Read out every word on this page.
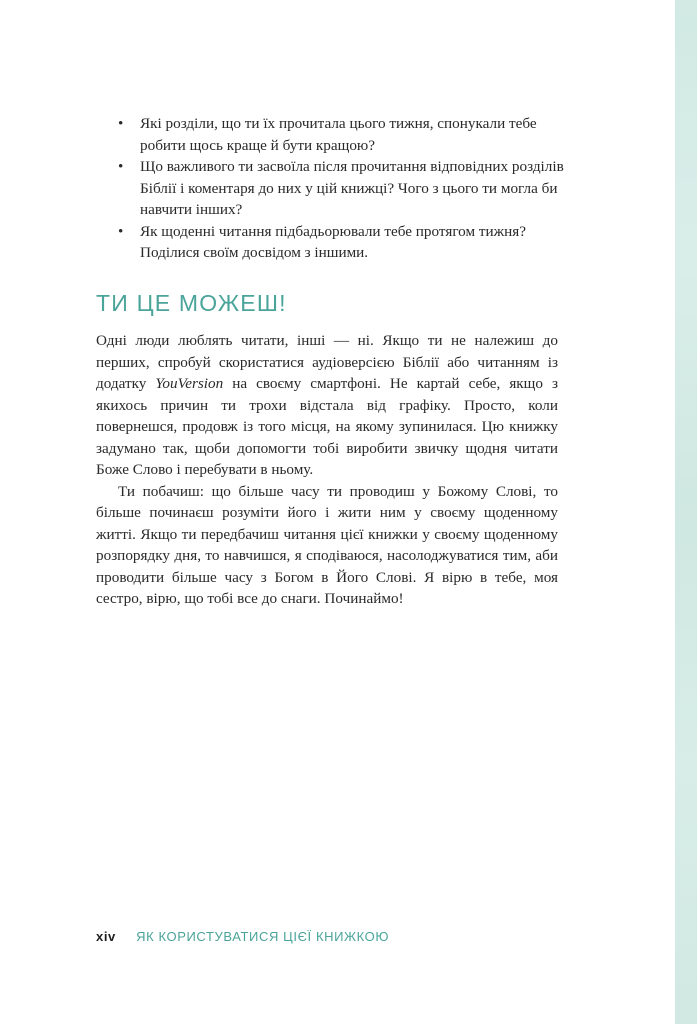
• Які розділи, що ти їх прочитала цього тижня, спонукали тебе робити щось краще й бути кращою?
• Що важливого ти засвоїла після прочитання відповідних розділів Біблії і коментаря до них у цій книжці? Чого з цього ти могла би навчити інших?
• Як щоденні читання підбадьорювали тебе протягом тижня? Поділися своїм досвідом з іншими.
ТИ ЦЕ МОЖЕШ!

Одні люди люблять читати, інші — ні. Якщо ти не належиш до перших, спробуй скористатися аудіоверсією Біблії або читанням із додатку YouVersion на своєму смартфоні. Не картай себе, якщо з якихось причин ти трохи відстала від графіку. Просто, коли повернешся, продовж із того місця, на якому зупинилася. Цю книжку задумано так, щоби допомогти тобі виробити звичку щодня читати Боже Слово і перебувати в ньому.

Ти побачиш: що більше часу ти проводиш у Божому Слові, то більше починаєш розуміти його і жити ним у своєму щоденному житті. Якщо ти передбачиш читання цієї книжки у своєму щоденному розпорядку дня, то навчишся, я сподіваюся, насолоджуватися тим, аби проводити більше часу з Богом в Його Слові. Я вірю в тебе, моя сестро, вірю, що тобі все до снаги. Починаймо!

xiv ЯК КОРИСТУВАТИСЯ ЦІЄЇ КНИЖКОЮ
